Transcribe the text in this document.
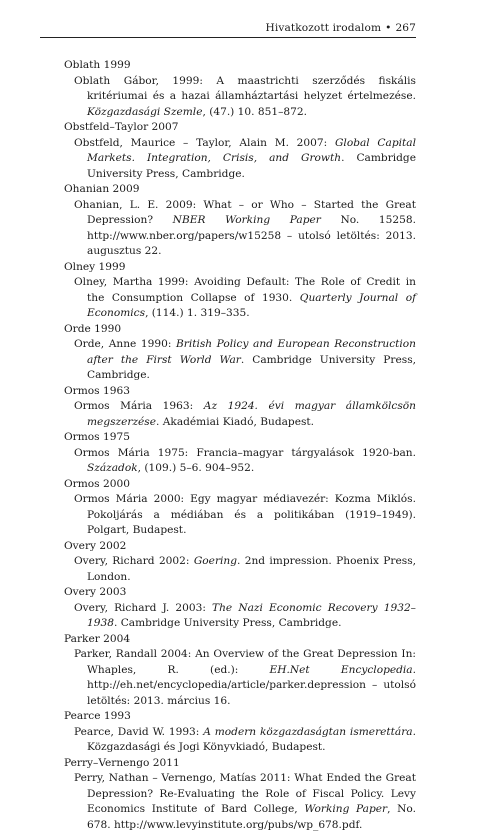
Hivatkozott irodalom • 267

Oblath 1999

Oblath Gábor, 1999: A maastrichti szerződés fiskális kritériumai és a hazai államháztartási helyzet értelmezése. Közgazdasági Szemle, (47.) 10. 851–872.

Obstfeld–Taylor 2007

Obstfeld, Maurice – Taylor, Alain M. 2007: Global Capital Markets. Integration, Crisis, and Growth. Cambridge University Press, Cambridge.

Ohanian 2009

Ohanian, L. E. 2009: What – or Who – Started the Great Depression? NBER Working Paper No. 15258. http://www.nber.org/papers/w15258 – utolsó letöltés: 2013. augusztus 22.

Olney 1999

Olney, Martha 1999: Avoiding Default: The Role of Credit in the Consumption Collapse of 1930. Quarterly Journal of Economics, (114.) 1. 319–335.

Orde 1990

Orde, Anne 1990: British Policy and European Reconstruction after the First World War. Cambridge University Press, Cambridge.

Ormos 1963

Ormos Mária 1963: Az 1924. évi magyar államkölcsön megszerzése. Akadémiai Kiadó, Budapest.

Ormos 1975

Ormos Mária 1975: Francia–magyar tárgyalások 1920-ban. Századok, (109.) 5–6. 904–952.

Ormos 2000

Ormos Mária 2000: Egy magyar médiavezér: Kozma Miklós. Pokoljárás a médiában és a politikában (1919–1949). Polgart, Budapest.

Overy 2002

Overy, Richard 2002: Goering. 2nd impression. Phoenix Press, London.

Overy 2003

Overy, Richard J. 2003: The Nazi Economic Recovery 1932–1938. Cambridge University Press, Cambridge.

Parker 2004

Parker, Randall 2004: An Overview of the Great Depression In: Whaples, R. (ed.): EH.Net Encyclopedia. http://eh.net/encyclopedia/article/parker.depression – utolsó letöltés: 2013. március 16.

Pearce 1993

Pearce, David W. 1993: A modern közgazdaságtan ismerettára. Közgazdasági és Jogi Könyvkiadó, Budapest.

Perry–Vernengo 2011

Perry, Nathan – Vernengo, Matías 2011: What Ended the Great Depression? Re-Evaluating the Role of Fiscal Policy. Levy Economics Institute of Bard College, Working Paper, No. 678. http://www.levyinstitute.org/pubs/wp_678.pdf.
